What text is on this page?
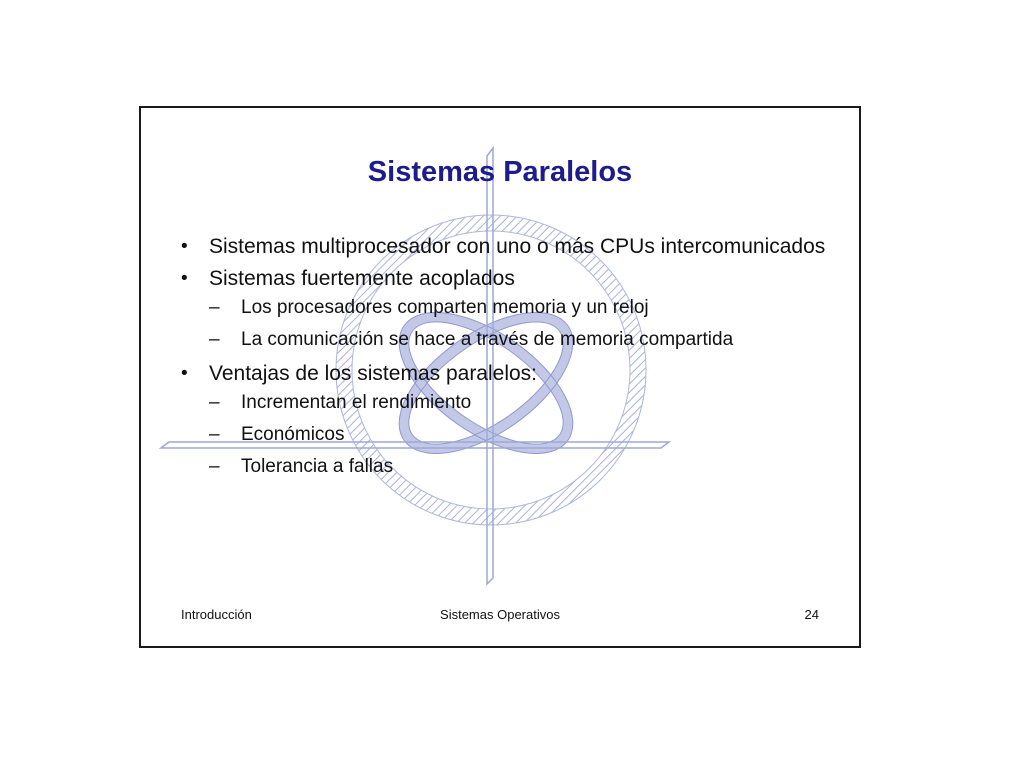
Sistemas Paralelos
• Sistemas multiprocesador con uno o más CPUs intercomunicados
• Sistemas fuertemente acoplados
– Los procesadores comparten memoria y un reloj
– La comunicación se hace a través de memoria compartida
• Ventajas de los sistemas paralelos:
– Incrementan el rendimiento
– Económicos
– Tolerancia a fallas
Introducción	Sistemas Operativos	24
